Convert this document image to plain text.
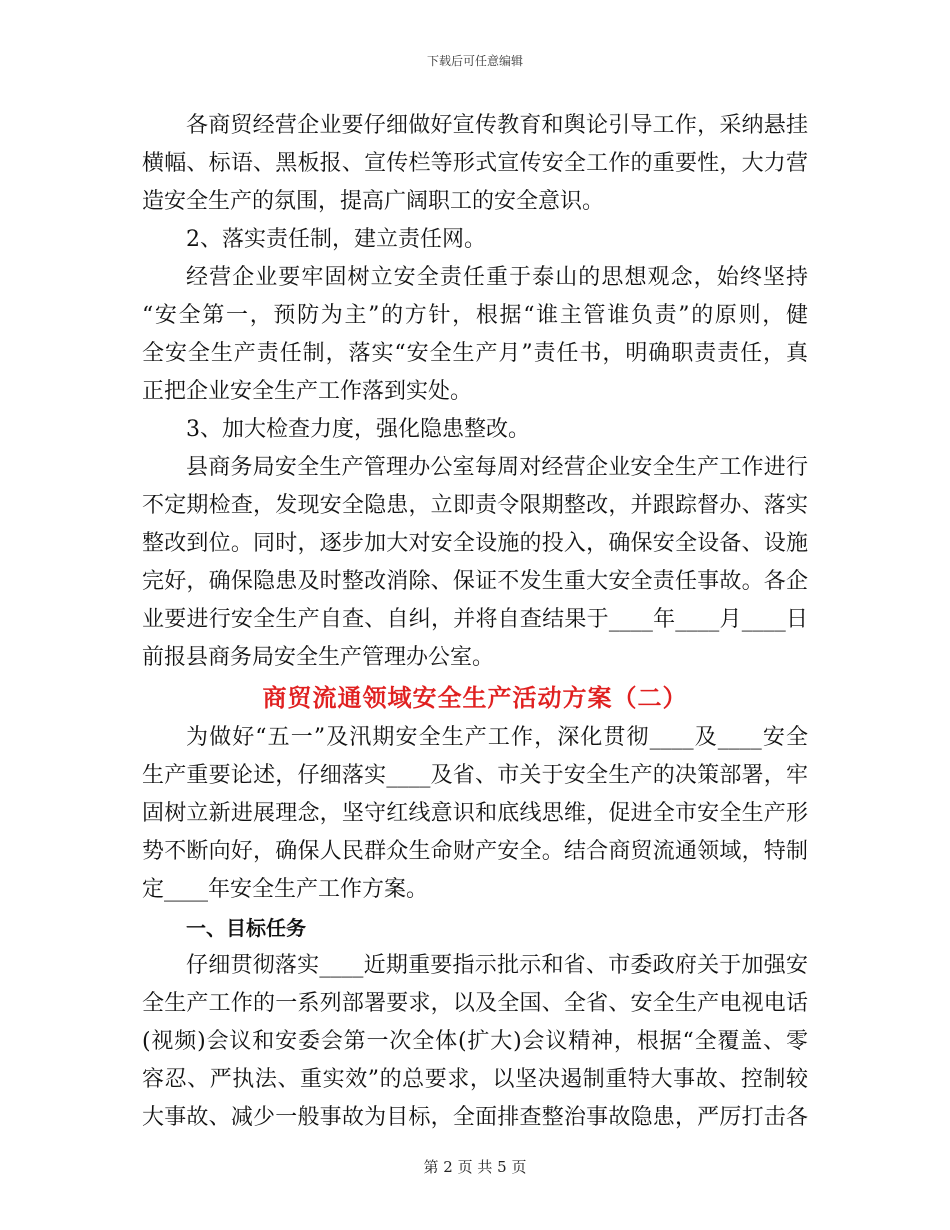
下载后可任意编辑
各商贸经营企业要仔细做好宣传教育和舆论引导工作，采纳悬挂
横幅、标语、黑板报、宣传栏等形式宣传安全工作的重要性，大力营
造安全生产的氛围，提高广阔职工的安全意识。
2、落实责任制，建立责任网。
经营企业要牢固树立安全责任重于泰山的思想观念，始终坚持
“安全第一，预防为主”的方针，根据“谁主管谁负责”的原则，健
全安全生产责任制，落实“安全生产月”责任书，明确职责责任，真
正把企业安全生产工作落到实处。
3、加大检查力度，强化隐患整改。
县商务局安全生产管理办公室每周对经营企业安全生产工作进行
不定期检查，发现安全隐患，立即责令限期整改，并跟踪督办、落实
整改到位。同时，逐步加大对安全设施的投入，确保安全设备、设施
完好，确保隐患及时整改消除、保证不发生重大安全责任事故。各企
业要进行安全生产自查、自纠，并将自查结果于____年____月____日
前报县商务局安全生产管理办公室。
商贸流通领域安全生产活动方案（二）
为做好“五一”及汛期安全生产工作，深化贯彻____及____安全
生产重要论述，仔细落实____及省、市关于安全生产的决策部署，牢
固树立新进展理念，坚守红线意识和底线思维，促进全市安全生产形
势不断向好，确保人民群众生命财产安全。结合商贸流通领域，特制
定____年安全生产工作方案。
一、目标任务
仔细贯彻落实____近期重要指示批示和省、市委政府关于加强安
全生产工作的一系列部署要求，以及全国、全省、安全生产电视电话
(视频)会议和安委会第一次全体(扩大)会议精神，根据“全覆盖、零
容忍、严执法、重实效”的总要求，以坚决遏制重特大事故、控制较
大事故、减少一般事故为目标，全面排查整治事故隐患，严厉打击各
第 2 页 共 5 页
